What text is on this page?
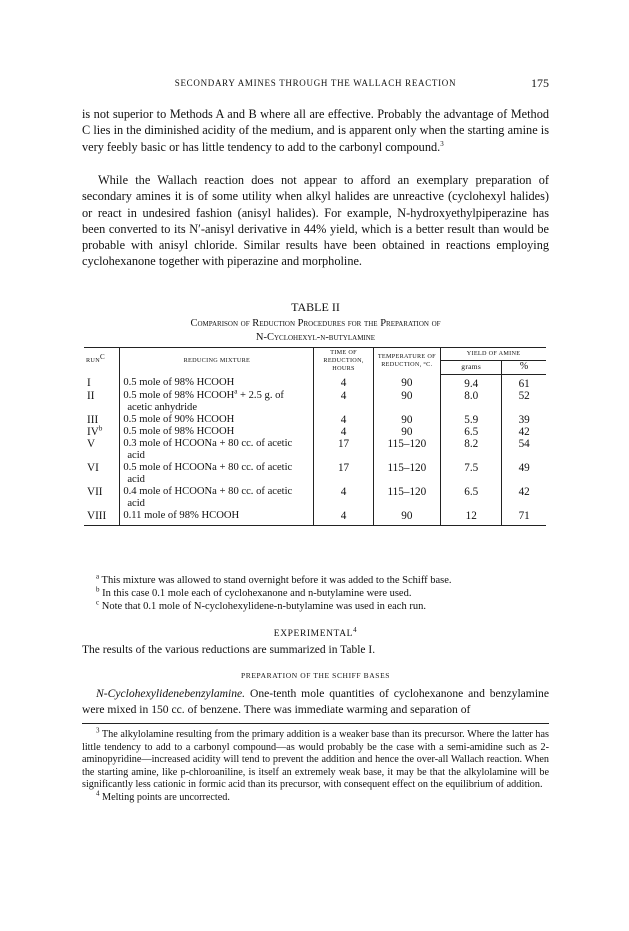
SECONDARY AMINES THROUGH THE WALLACH REACTION	175

is not superior to Methods A and B where all are effective. Probably the advantage of Method C lies in the diminished acidity of the medium, and is apparent only when the starting amine is very feebly basic or has little tendency to add to the carbonyl compound.$^3$

While the Wallach reaction does not appear to afford an exemplary preparation of secondary amines it is of some utility when alkyl halides are unreactive (cyclohexyl halides) or react in undesired fashion (anisyl halides). For example, N-hydroxyethylpiperazine has been converted to its N′-anisyl derivative in 44% yield, which is a better result than would be probable with anisyl chloride. Similar results have been obtained in reactions employing cyclohexanone together with piperazine and morpholine.

TABLE II
Comparison of Reduction Procedures for the Preparation of
N-Cyclohexyl-n-butylamine
$RUN^C$	REDUCING MIXTURE	TIME OF REDUCTION, HOURS	TEMPERATURE OF REDUCTION, °C.	YIELD OF AMINE	
				grams	%
I	0.5 mole of 98% HCOOH	4	90	9.4	61
II	0.5 mole of 98% $HCOOH^a + 2.5$ g. of
acetic anhydride	4	90	8.0	52
III	0.5 mole of 90% HCOOH	4	90	5.9	39
$IV^b$	0.5 mole of 98% HCOOH	4	90	6.5	42
V	0.3 mole of HCOONa + 80 cc. of acetic
acid	17	115–120	8.2	54
VI	0.5 mole of HCOONa + 80 cc. of acetic
acid	17	115–120	7.5	49
VII	0.4 mole of HCOONa + 80 cc. of acetic
acid	4	115–120	6.5	42
VIII	0.11 mole of 98% HCOOH	4	90	12	71
$^a$ This mixture was allowed to stand overnight before it was added to the Schiff base.
$^b$ In this case 0.1 mole each of cyclohexanone and n-butylamine were used.
$^c$ Note that 0.1 mole of N-cyclohexylidene-n-butylamine was used in each run.
EXPERIMENTAL$^4$
The results of the various reductions are summarized in Table I.
PREPARATION OF THE SCHIFF BASES
N-Cyclohexylidenebenzylamine. One-tenth mole quantities of cyclohexanone and benzylamine were mixed in 150 cc. of benzene. There was immediate warming and separation of
$^3$ The alkylolamine resulting from the primary addition is a weaker base than its precursor. Where the latter has little tendency to add to a carbonyl compound—as would probably be the case with a semi-amidine such as 2-aminopyridine—increased acidity will tend to prevent the addition and hence the over-all Wallach reaction. When the starting amine, like p-chloroaniline, is itself an extremely weak base, it may be that the alkylolamine will be significantly less cationic in formic acid than its precursor, with consequent effect on the equilibrium of addition.
$^4$ Melting points are uncorrected.
